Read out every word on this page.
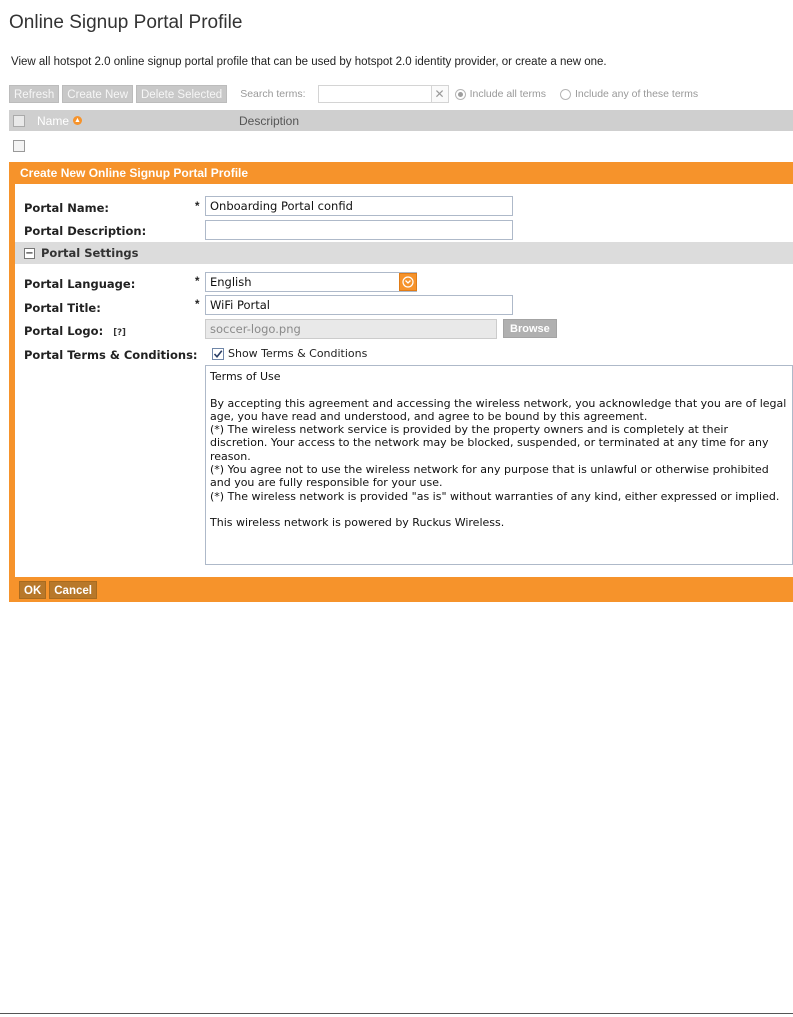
Online Signup Portal Profile
View all hotspot 2.0 online signup portal profile that can be used by hotspot 2.0 identity provider, or create a new one.
Refresh	Create New	Delete Selected	Search terms:	✕	Include all terms	Include any of these terms
Name ▲	Description
Create New Online Signup Portal Profile
Portal Name:	*
Onboarding Portal confid
Portal Description:
− Portal Settings
Portal Language:	* English
Portal Title:	*
WiFi Portal
Portal Logo: [?]	soccer-logo.png	Browse
Portal Terms & Conditions:	Show Terms & Conditions
Terms of Use

By accepting this agreement and accessing the wireless network, you acknowledge that you are of legal age, you have read and understood, and agree to be bound by this agreement.
(*) The wireless network service is provided by the property owners and is completely at their discretion. Your access to the network may be blocked, suspended, or terminated at any time for any reason.
(*) You agree not to use the wireless network for any purpose that is unlawful or otherwise prohibited and you are fully responsible for your use.
(*) The wireless network is provided "as is" without warranties of any kind, either expressed or implied.

This wireless network is powered by Ruckus Wireless.
OK	Cancel
